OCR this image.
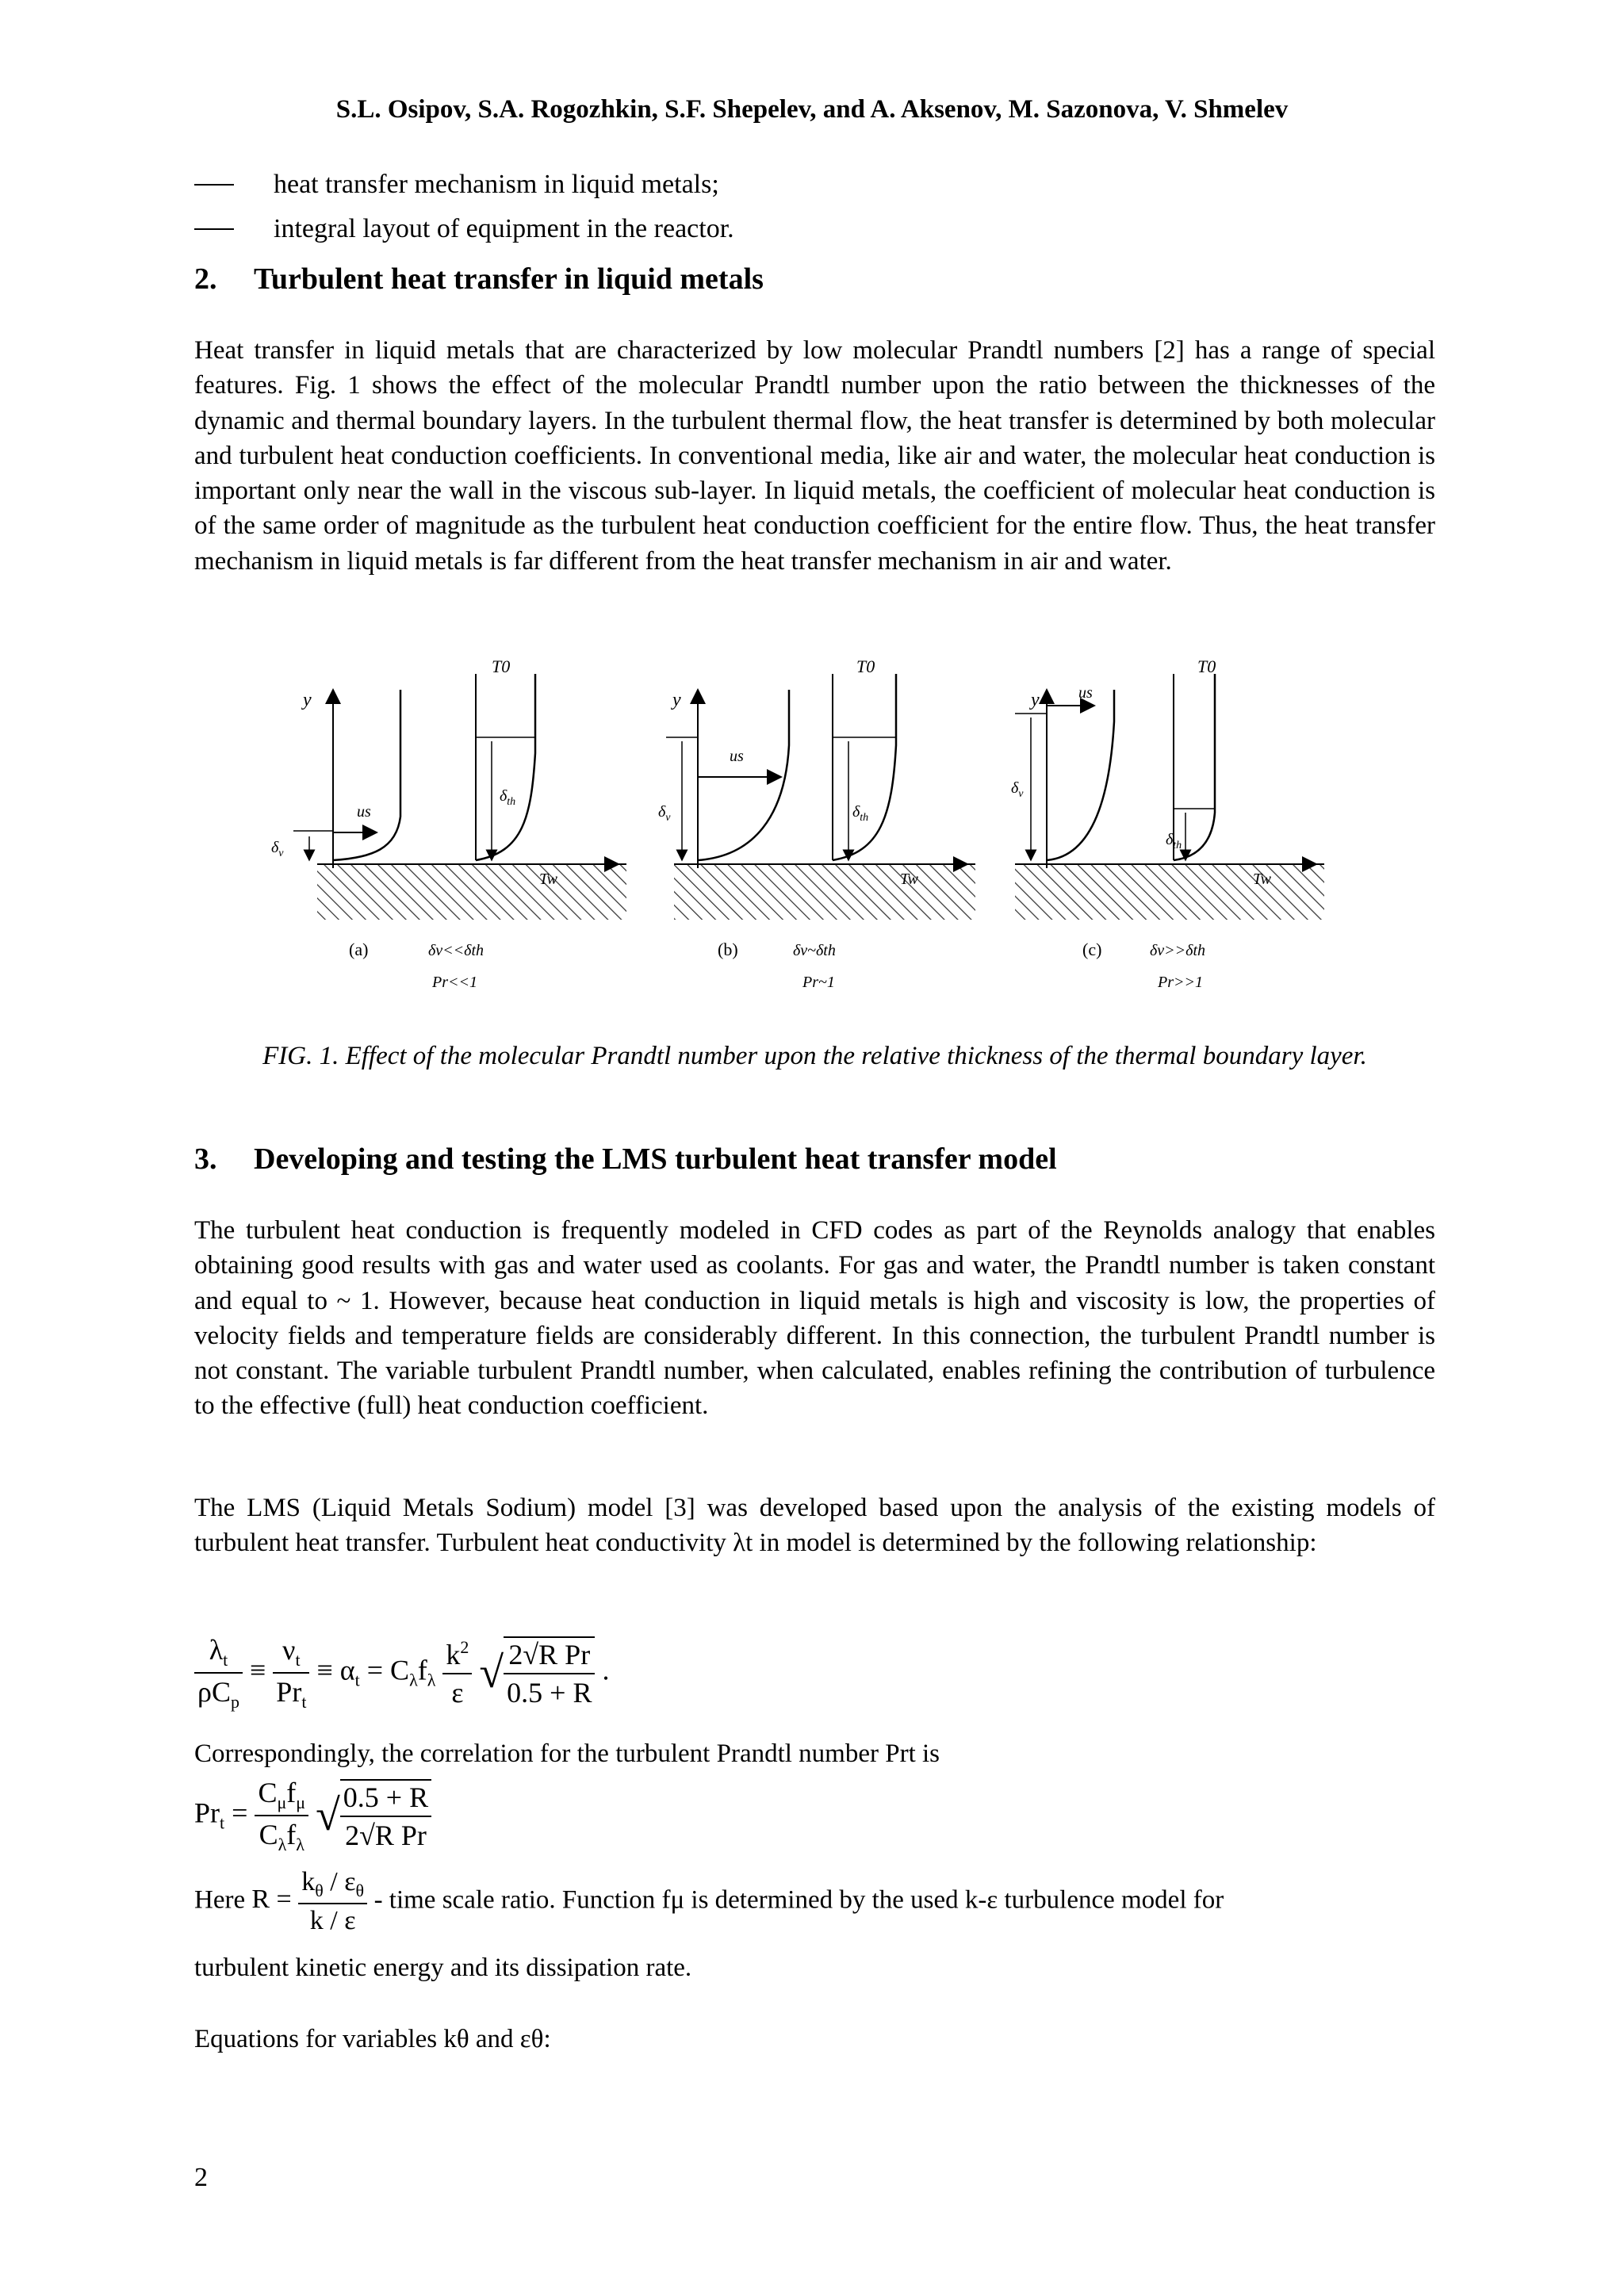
S.L. Osipov, S.A. Rogozhkin, S.F. Shepelev, and A. Aksenov, M. Sazonova, V. Shmelev
heat transfer mechanism in liquid metals;
integral layout of equipment in the reactor.
2. Turbulent heat transfer in liquid metals

Heat transfer in liquid metals that are characterized by low molecular Prandtl numbers [2] has a range of special features. Fig. 1 shows the effect of the molecular Prandtl number upon the ratio between the thicknesses of the dynamic and thermal boundary layers. In the turbulent thermal flow, the heat transfer is determined by both molecular and turbulent heat conduction coefficients. In conventional media, like air and water, the molecular heat conduction is important only near the wall in the viscous sub-layer. In liquid metals, the coefficient of molecular heat conduction is of the same order of magnitude as the turbulent heat conduction coefficient for the entire flow. Thus, the heat transfer mechanism in liquid metals is far different from the heat transfer mechanism in air and water.

y
us
$\delta_v$
$\delta_{th}$
T0
Tw
(a)	δv<<δth
Pr<<1
y
us
$\delta_v$	$\delta_{th}$
T0
Tw
(b)	δv~δth
Pr~1
y us
$\delta_v$
$\delta_{th}$
T0
Tw
(c)	δv>>δth
Pr>>1
FIG. 1. Effect of the molecular Prandtl number upon the relative thickness of the thermal boundary layer.
3. Developing and testing the LMS turbulent heat transfer model

The turbulent heat conduction is frequently modeled in CFD codes as part of the Reynolds analogy that enables obtaining good results with gas and water used as coolants. For gas and water, the Prandtl number is taken constant and equal to ~ 1. However, because heat conduction in liquid metals is high and viscosity is low, the properties of velocity fields and temperature fields are considerably different. In this connection, the turbulent Prandtl number is not constant. The variable turbulent Prandtl number, when calculated, enables refining the contribution of turbulence to the effective (full) heat conduction coefficient.

The LMS (Liquid Metals Sodium) model [3] was developed based upon the analysis of the existing models of turbulent heat transfer. Turbulent heat conductivity λt in model is determined by the following relationship:

$\frac{\lambda_t}{\rho C_p} \equiv \frac{\nu_t}{Pr_t} \equiv \alpha_t = C_\lambda f_\lambda \frac{k^2}{\varepsilon}$ √ $\frac{\text{2√R Pr}}{0.5 + R}$ .
Correspondingly, the correlation for the turbulent Prandtl number Prt is
$Pr_t = \frac{C_\mu f_\mu}{C_\lambda f_\lambda}$ √ $\frac{0.5 + R}{\text{2√R Pr}}$
Here $R = \frac{k_\theta / \varepsilon_\theta}{k / \varepsilon}$ - time scale ratio. Function fμ is determined by the used k-ε turbulence model for
turbulent kinetic energy and its dissipation rate.
Equations for variables kθ and εθ:
2
